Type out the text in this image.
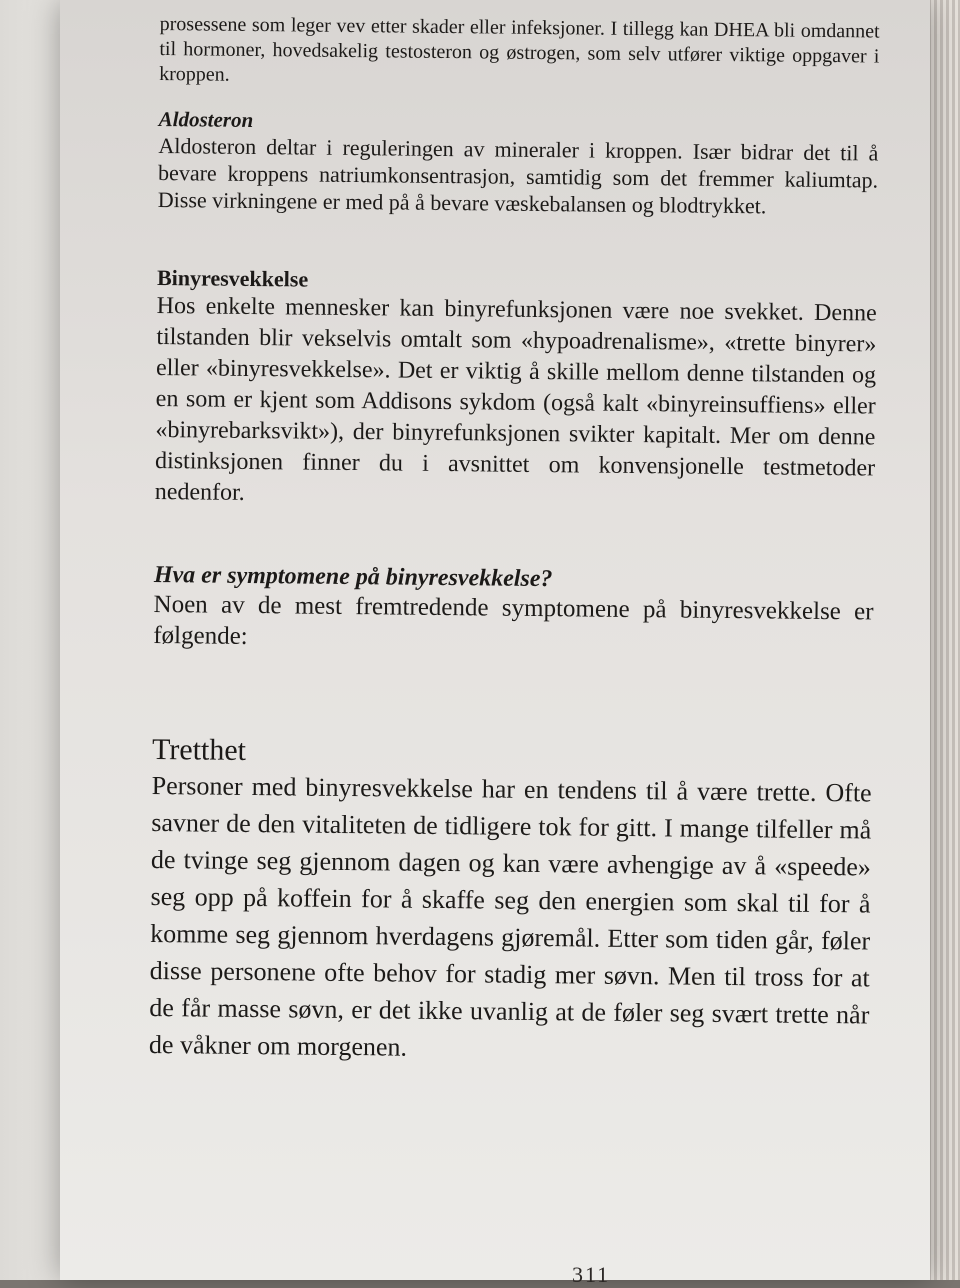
prosessene som leger vev etter skader eller infeksjoner. I tillegg kan DHEA bli omdannet til hormoner, hovedsakelig testosteron og østrogen, som selv utfører viktige oppgaver i kroppen.

Aldosteron

Aldosteron deltar i reguleringen av mineraler i kroppen. Især bidrar det til å bevare kroppens natriumkonsentrasjon, samtidig som det fremmer kaliumtap. Disse virkningene er med på å bevare væskebalansen og blodtrykket.

Binyresvekkelse

Hos enkelte mennesker kan binyrefunksjonen være noe svekket. Denne tilstanden blir vekselvis omtalt som «hypoadrenalisme», «trette binyrer» eller «binyresvekkelse». Det er viktig å skille mellom denne tilstanden og en som er kjent som Addisons sykdom (også kalt «binyreinsuffiens» eller «binyrebarksvikt»), der binyrefunksjonen svikter kapitalt. Mer om denne distinksjonen finner du i avsnittet om konvensjonelle testmetoder nedenfor.

Hva er symptomene på binyresvekkelse?

Noen av de mest fremtredende symptomene på binyresvekkelse er følgende:

Tretthet

Personer med binyresvekkelse har en tendens til å være trette. Ofte savner de den vitaliteten de tidligere tok for gitt. I mange tilfeller må de tvinge seg gjennom dagen og kan være avhengige av å «speede» seg opp på koffein for å skaffe seg den energien som skal til for å komme seg gjennom hverdagens gjøremål. Etter som tiden går, føler disse personene ofte behov for stadig mer søvn. Men til tross for at de får masse søvn, er det ikke uvanlig at de føler seg svært trette når de våkner om morgenen.

311
